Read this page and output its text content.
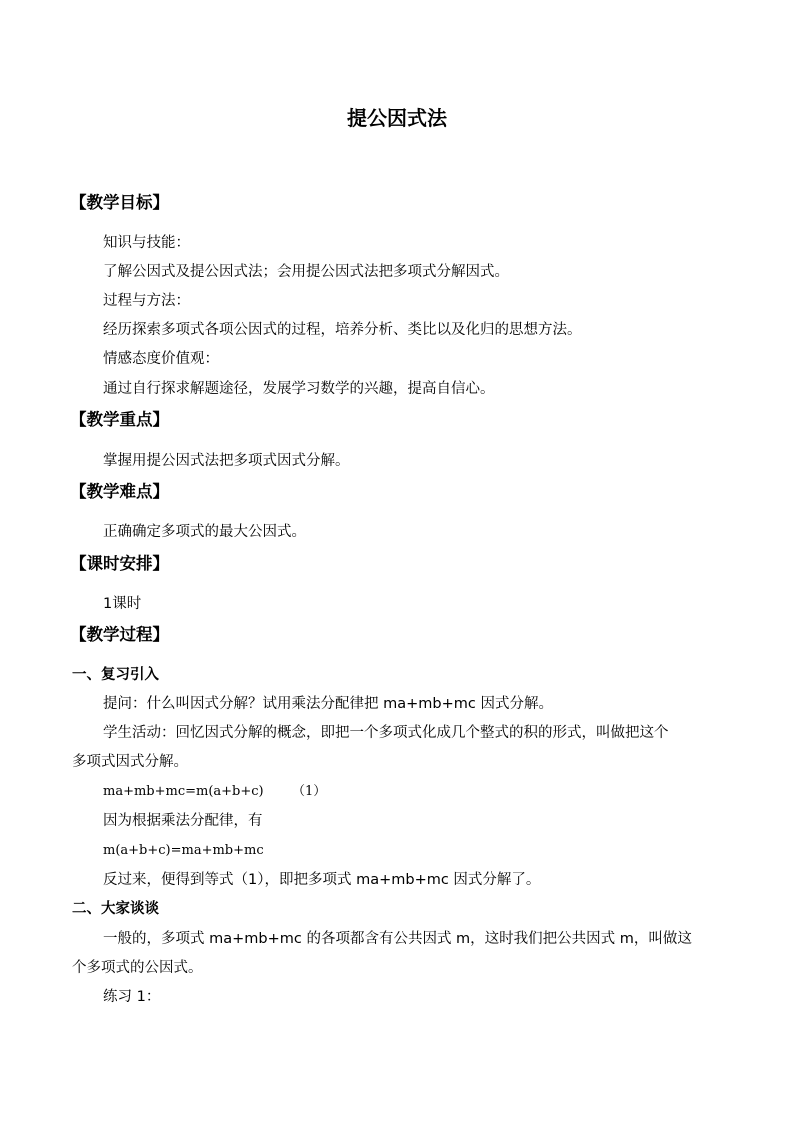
提公因式法
【教学目标】
知识与技能：
了解公因式及提公因式法；会用提公因式法把多项式分解因式。
过程与方法：
经历探索多项式各项公因式的过程，培养分析、类比以及化归的思想方法。
情感态度价值观：
通过自行探求解题途径，发展学习数学的兴趣，提高自信心。
【教学重点】
掌握用提公因式法把多项式因式分解。
【教学难点】
正确确定多项式的最大公因式。
【课时安排】
1课时
【教学过程】
一、复习引入
提问：什么叫因式分解？试用乘法分配律把 ma+mb+mc 因式分解。
学生活动：回忆因式分解的概念，即把一个多项式化成几个整式的积的形式，叫做把这个
多项式因式分解。
ma+mb+mc=m(a+b+c)	（1）
因为根据乘法分配律，有
m(a+b+c)=ma+mb+mc
反过来，便得到等式（1），即把多项式 ma+mb+mc 因式分解了。
二、大家谈谈
一般的，多项式 ma+mb+mc 的各项都含有公共因式 m，这时我们把公共因式 m，叫做这
个多项式的公因式。
练习 1：
